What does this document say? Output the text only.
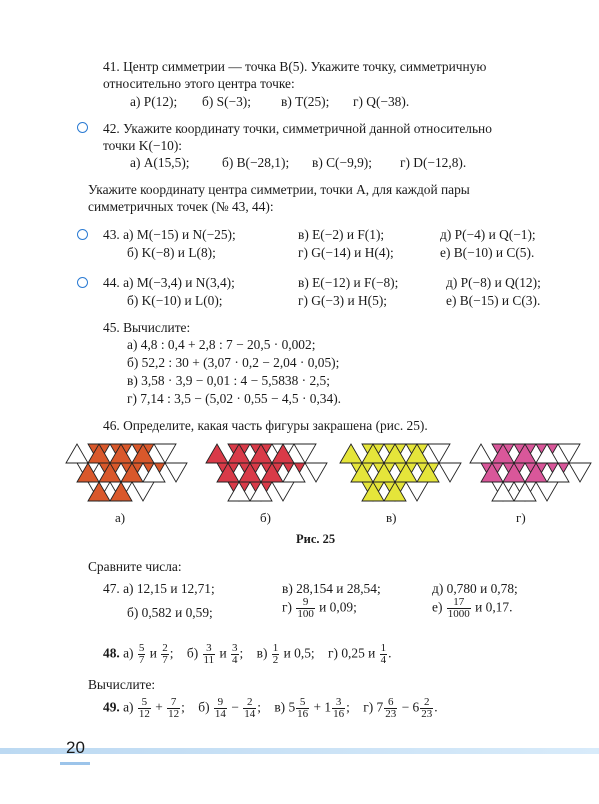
41. Центр симметрии — точка B(5). Укажите точку, симметричную
относительно этого центра точке:
а) P(12); б) S(−3); в) T(25); г) Q(−38).
42. Укажите координату точки, симметричной данной относительно
точки K(−10):
а) A(15,5); б) B(−28,1); в) C(−9,9); г) D(−12,8).
Укажите координату центра симметрии, точки A, для каждой пары
симметричных точек (№ 43, 44):
43. а) M(−15) и N(−25);	в) E(−2) и F(1);	д) P(−4) и Q(−1);
б) K(−8) и L(8);	г) G(−14) и H(4);	е) B(−10) и C(5).
44. а) M(−3,4) и N(3,4);	в) E(−12) и F(−8);	д) P(−8) и Q(12);
б) K(−10) и L(0);	г) G(−3) и H(5);	е) B(−15) и C(3).
45. Вычислите:
а) 4,8 : 0,4 + 2,8 : 7 − 20,5 · 0,002;
б) 52,2 : 30 + (3,07 · 0,2 − 2,04 · 0,05);
в) 3,58 · 3,9 − 0,01 : 4 − 5,5838 · 2,5;
г) 7,14 : 3,5 − (5,02 · 0,55 − 4,5 · 0,34).
46. Определите, какая часть фигуры закрашена (рис. 25).
а)	б)	в)	г)
Рис. 25
Сравните числа:
47. а) 12,15 и 12,71;	в) 28,154 и 28,54;	д) 0,780 и 0,78;
б) 0,582 и 0,59;	$г) \frac{9}{100}$ и 0,09;	$е) \frac{17}{1000}$ и 0,17.
48. $а) \frac{5}{7}$ и $\frac{2}{7}$ ; $б) \frac{3}{11}$ и $\frac{3}{4}$ ; $в) \frac{1}{2}$ и 0,5; г) 0,25 и $\frac{1}{4}$ .
Вычислите:
49. $а) \frac{5}{12} + \frac{7}{12}$ ; $б) \frac{9}{14} - \frac{2}{14}$ ; в) $5 \frac{5}{16} + 1 \frac{3}{16}$ ; г) $7 \frac{6}{23} - 6 \frac{2}{23}$ .
20
